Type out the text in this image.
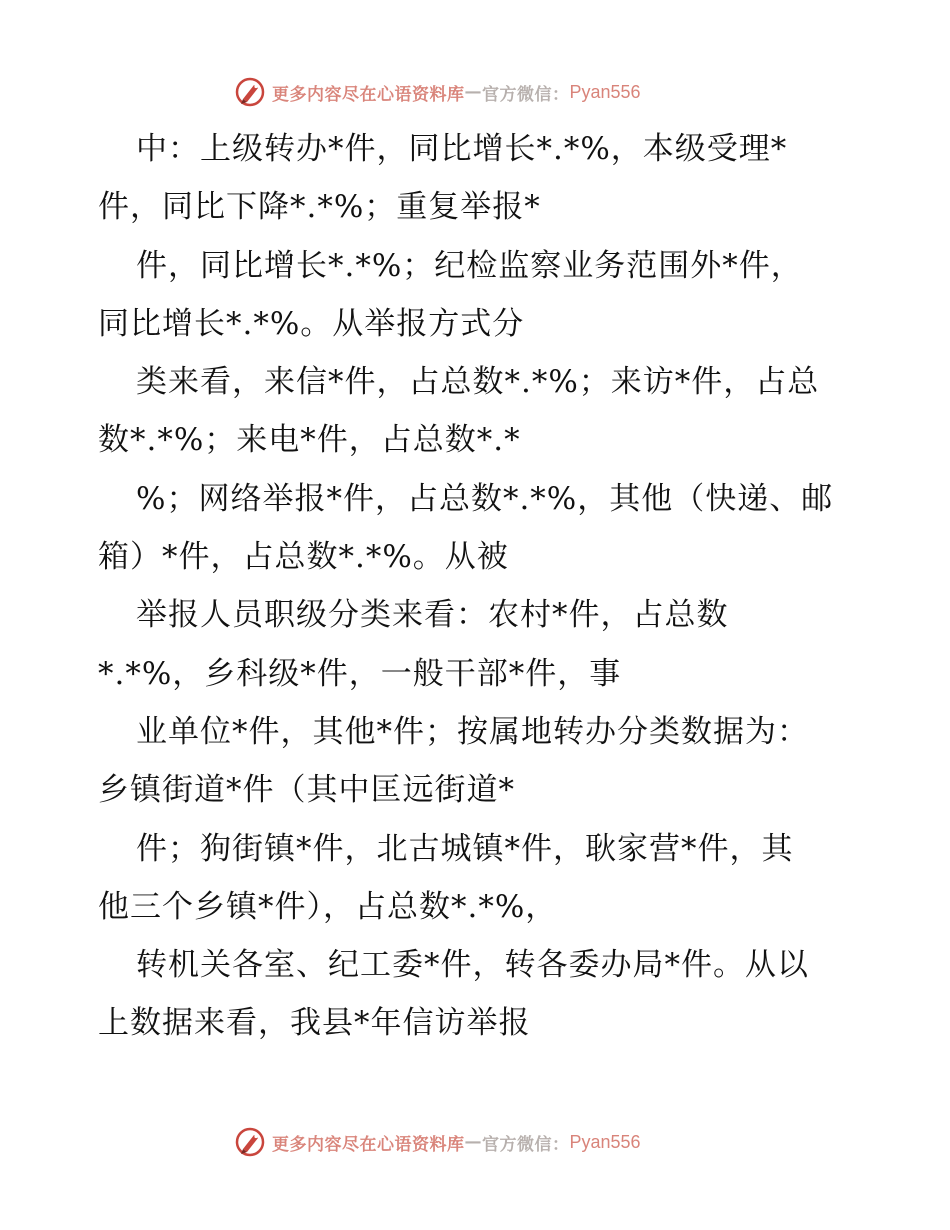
更多内容尽在心语资料库 — 官方微信： Pyan556
中：上级转办*件，同比增长*.*%，本级受理*
件，同比下降*.*%；重复举报*
件，同比增长*.*%；纪检监察业务范围外*件，
同比增长*.*%。从举报方式分
类来看，来信*件，占总数*.*%；来访*件，占总
数*.*%；来电*件，占总数*.*
%；网络举报*件，占总数*.*%，其他（快递、邮
箱）*件，占总数*.*%。从被
举报人员职级分类来看：农村*件，占总数
*.*%，乡科级*件，一般干部*件，事
业单位*件，其他*件；按属地转办分类数据为：
乡镇街道*件（其中匡远街道*
件；狗街镇*件，北古城镇*件，耿家营*件，其
他三个乡镇*件），占总数*.*%，
转机关各室、纪工委*件，转各委办局*件。从以
上数据来看，我县*年信访举报
更多内容尽在心语资料库 — 官方微信： Pyan556
